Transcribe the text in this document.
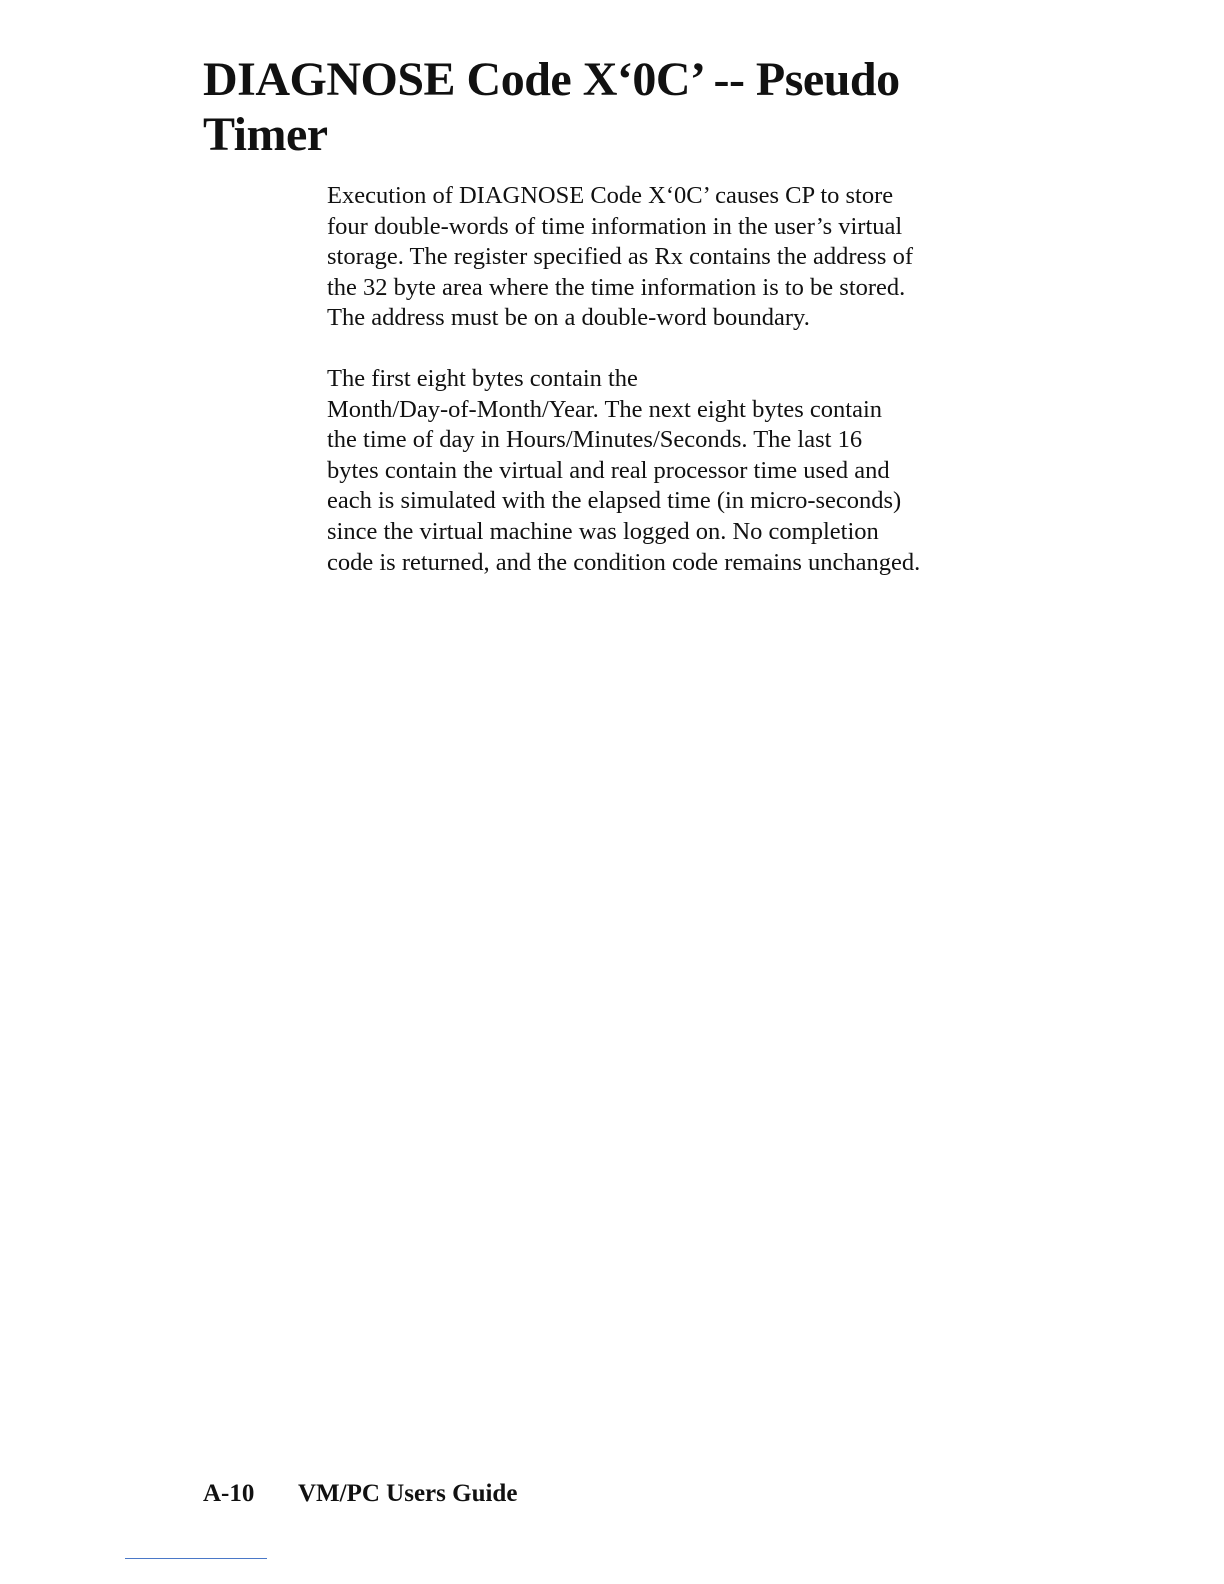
DIAGNOSE Code X‘0C’ -- Pseudo
Timer

Execution of DIAGNOSE Code X‘0C’ causes CP to store
four double-words of time information in the user’s virtual
storage. The register specified as Rx contains the address of
the 32 byte area where the time information is to be stored.
The address must be on a double-word boundary.

The first eight bytes contain the
Month/Day-of-Month/Year. The next eight bytes contain
the time of day in Hours/Minutes/Seconds. The last 16
bytes contain the virtual and real processor time used and
each is simulated with the elapsed time (in micro-seconds)
since the virtual machine was logged on. No completion
code is returned, and the condition code remains unchanged.

A-10 VM/PC Users Guide
